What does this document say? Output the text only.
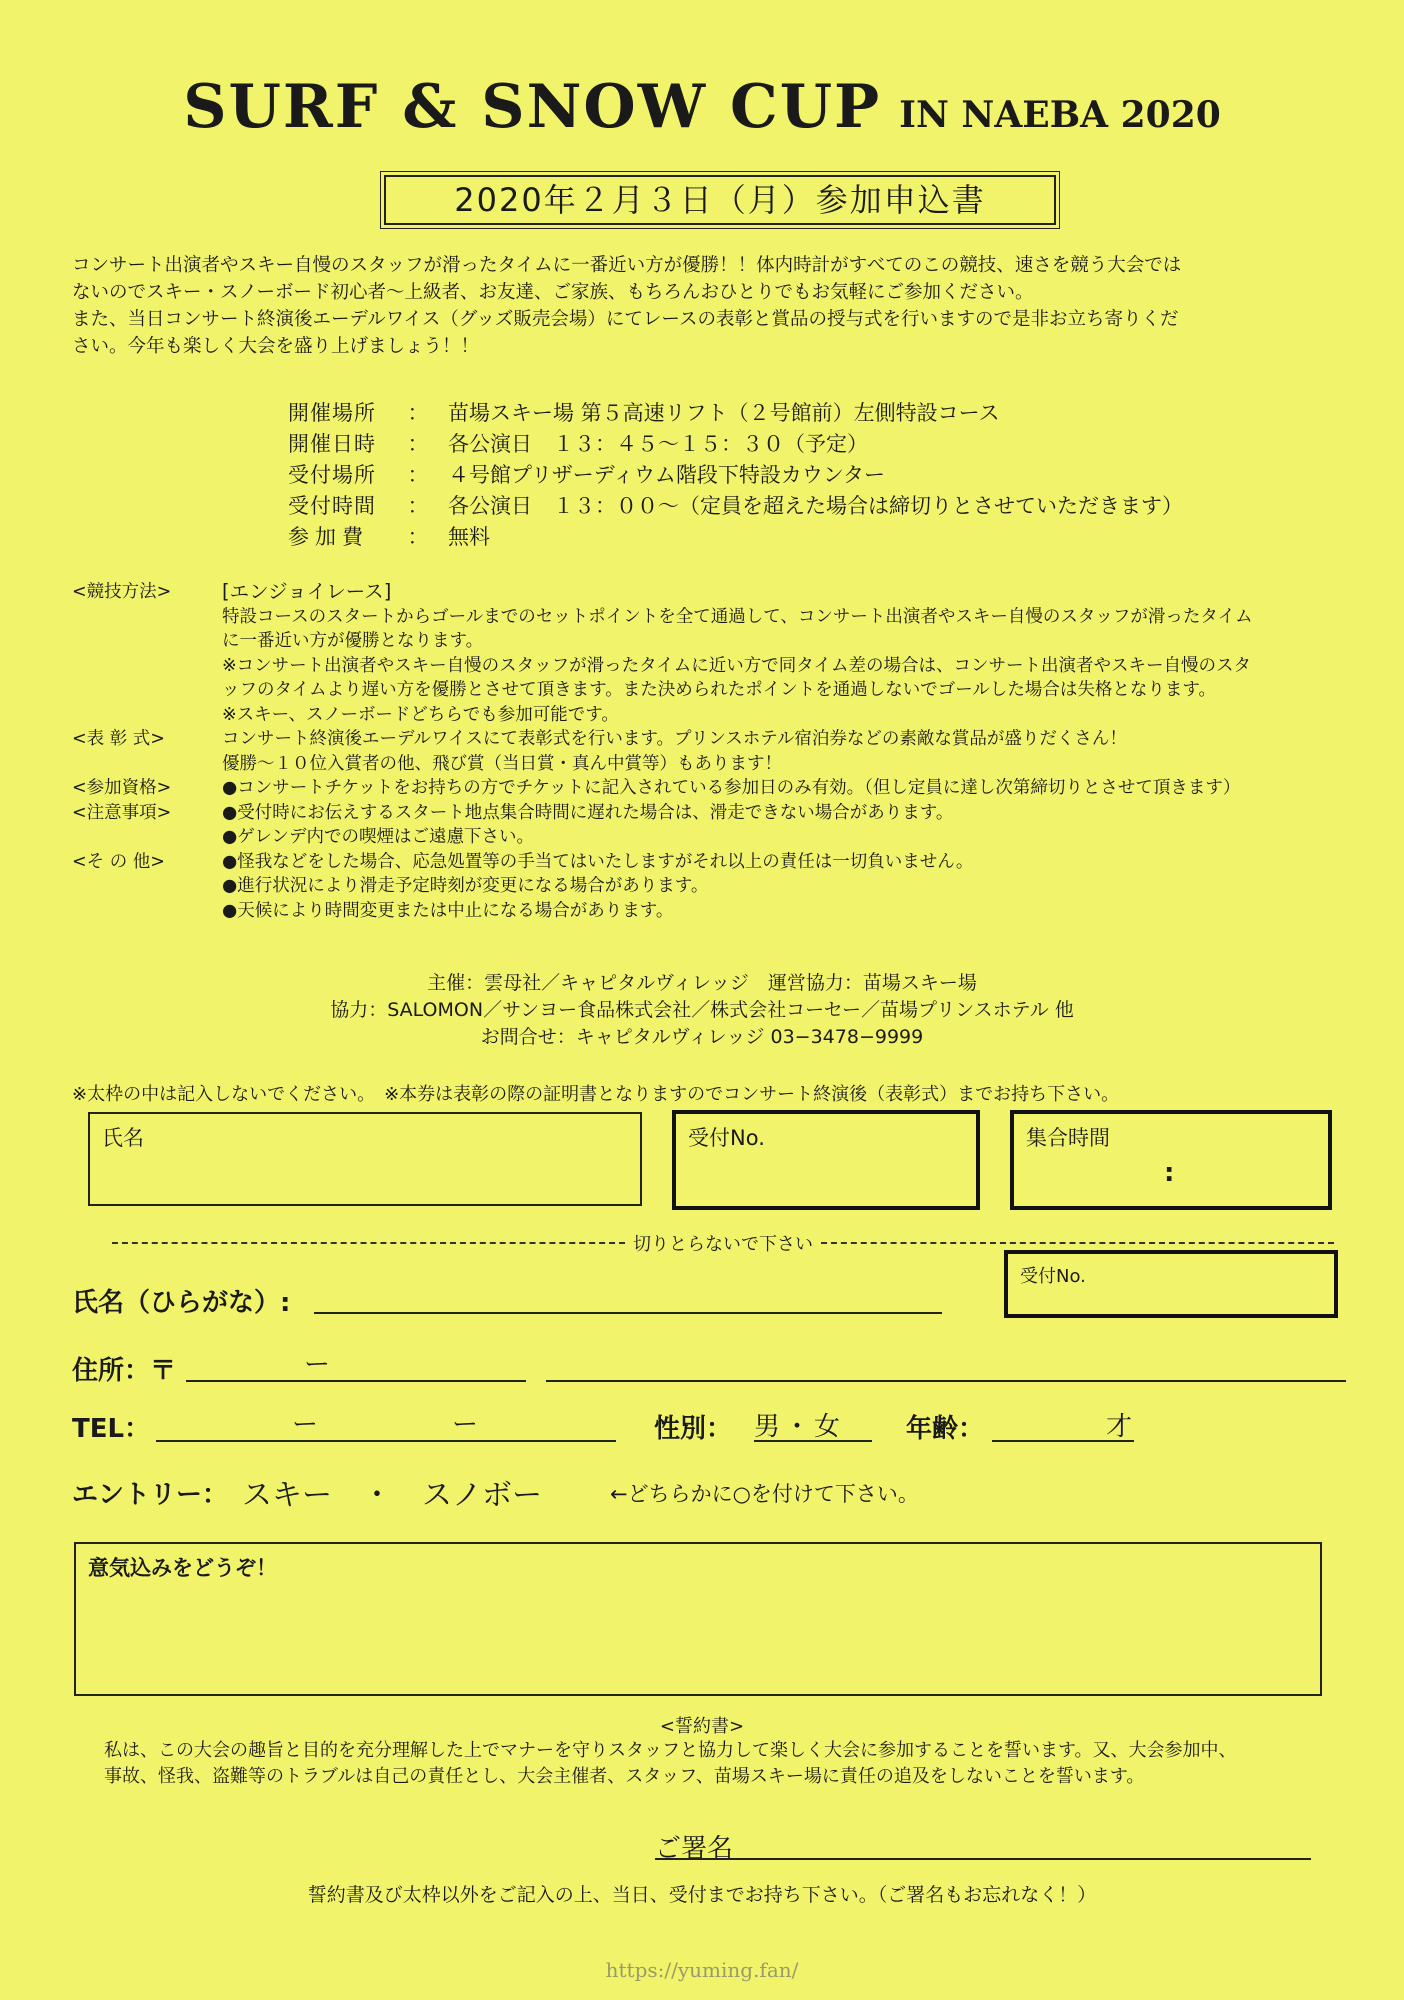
SURF & SNOW CUP IN NAEBA 2020
2020年２月３日（月）参加申込書
コンサート出演者やスキー自慢のスタッフが滑ったタイムに一番近い方が優勝！！体内時計がすべてのこの競技、速さを競う大会では
ないのでスキー・スノーボード初心者～上級者、お友達、ご家族、もちろんおひとりでもお気軽にご参加ください。
また、当日コンサート終演後エーデルワイス（グッズ販売会場）にてレースの表彰と賞品の授与式を行いますので是非お立ち寄りくだ
さい。今年も楽しく大会を盛り上げましょう！！
開催場所	： 苗場スキー場 第５高速リフト（２号館前）左側特設コース
開催日時	： 各公演日　１３：４５～１５：３０（予定）
受付場所	： ４号館プリザーディウム階段下特設カウンター
受付時間	： 各公演日　１３：００～（定員を超えた場合は締切りとさせていただきます）
参加費	： 無料
<競技方法>	[エンジョイレース]
特設コースのスタートからゴールまでのセットポイントを全て通過して、コンサート出演者やスキー自慢のスタッフが滑ったタイム
に一番近い方が優勝となります。
※コンサート出演者やスキー自慢のスタッフが滑ったタイムに近い方で同タイム差の場合は、コンサート出演者やスキー自慢のスタ
ッフのタイムより遅い方を優勝とさせて頂きます。また決められたポイントを通過しないでゴールした場合は失格となります。
※スキー、スノーボードどちらでも参加可能です。
<表 彰 式>	コンサート終演後エーデルワイスにて表彰式を行います。プリンスホテル宿泊券などの素敵な賞品が盛りだくさん！
優勝～１０位入賞者の他、飛び賞（当日賞・真ん中賞等）もあります！
<参加資格>	●コンサートチケットをお持ちの方でチケットに記入されている参加日のみ有効。（但し定員に達し次第締切りとさせて頂きます）
<注意事項>	●受付時にお伝えするスタート地点集合時間に遅れた場合は、滑走できない場合があります。
●ゲレンデ内での喫煙はご遠慮下さい。
<そ の 他>	●怪我などをした場合、応急処置等の手当てはいたしますがそれ以上の責任は一切負いません。
●進行状況により滑走予定時刻が変更になる場合があります。
●天候により時間変更または中止になる場合があります。
主催：雲母社／キャピタルヴィレッジ　運営協力：苗場スキー場
協力：SALOMON／サンヨー食品株式会社／株式会社コーセー／苗場プリンスホテル 他
お問合せ：キャピタルヴィレッジ 03−3478−9999
※太枠の中は記入しないでください。　※本券は表彰の際の証明書となりますのでコンサート終演後（表彰式）までお持ち下さい。
氏名	受付No.	集合時間
:
切りとらないで下さい
受付No.
氏名（ひらがな）:
住所：〒	ー
TEL：	ー	ー	性別： 男・女	年齢：	才
エントリー： スキー　・　スノボー	←どちらかに○を付けて下さい。
意気込みをどうぞ！
<誓約書>
私は、この大会の趣旨と目的を充分理解した上でマナーを守りスタッフと協力して楽しく大会に参加することを誓います。又、大会参加中、
事故、怪我、盗難等のトラブルは自己の責任とし、大会主催者、スタッフ、苗場スキー場に責任の追及をしないことを誓います。
ご署名
誓約書及び太枠以外をご記入の上、当日、受付までお持ち下さい。（ご署名もお忘れなく！）
https://yuming.fan/
